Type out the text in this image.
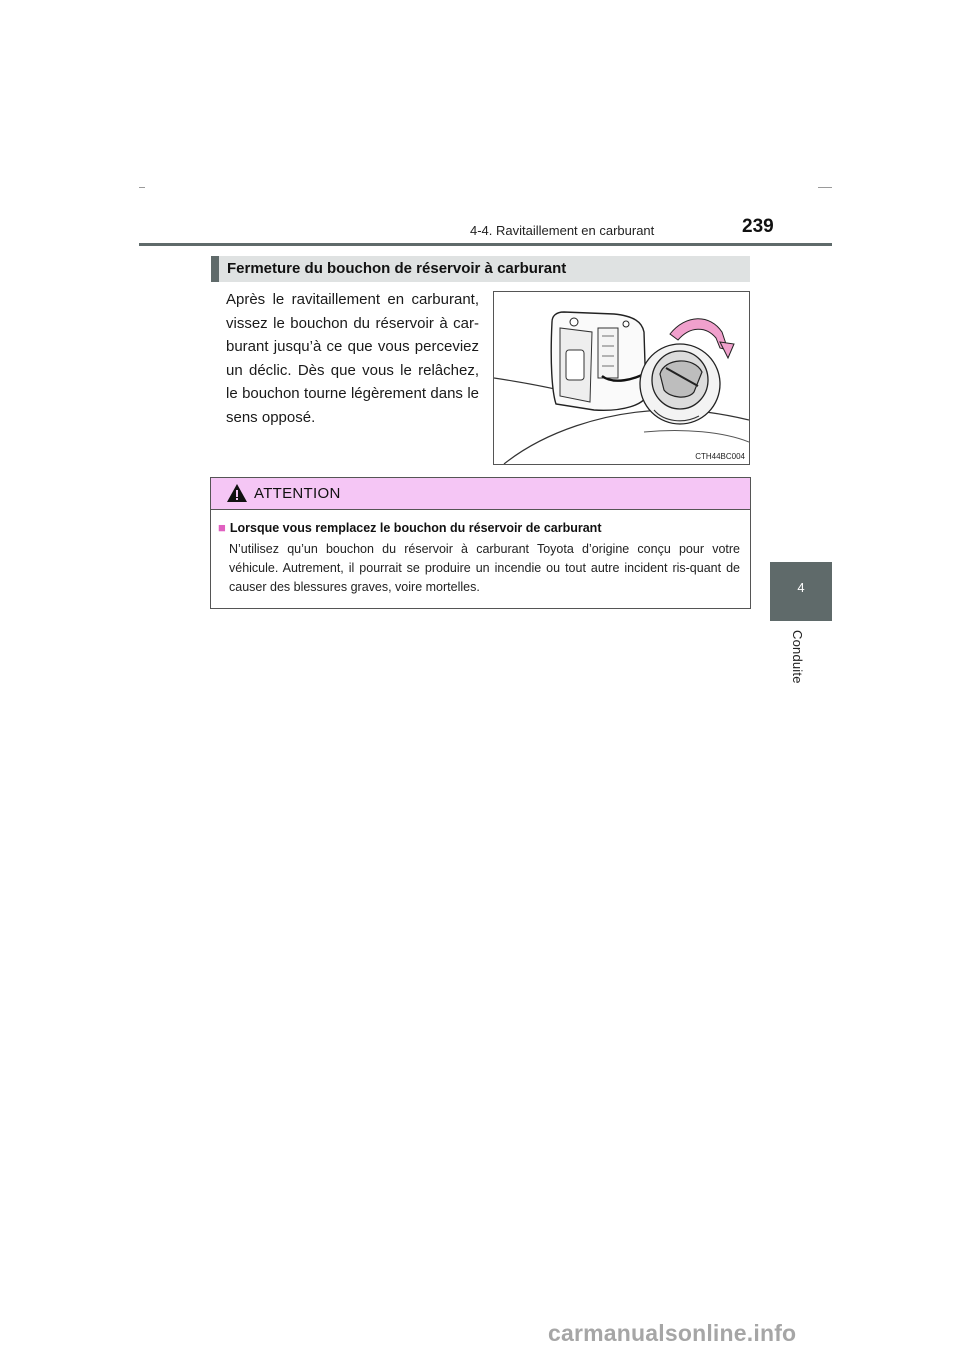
4-4. Ravitaillement en carburant	239
4
Conduite
Fermeture du bouchon de réservoir à carburant
Après le ravitaillement en carburant, vissez le bouchon du réservoir à car-burant jusqu’à ce que vous perceviez un déclic. Dès que vous le relâchez, le bouchon tourne légèrement dans le sens opposé.
CTH44BC004
ATTENTION
■ Lorsque vous remplacez le bouchon du réservoir de carburant
N’utilisez qu’un bouchon du réservoir à carburant Toyota d’origine conçu pour votre véhicule. Autrement, il pourrait se produire un incendie ou tout autre incident ris-quant de causer des blessures graves, voire mortelles.
carmanualsonline.info
